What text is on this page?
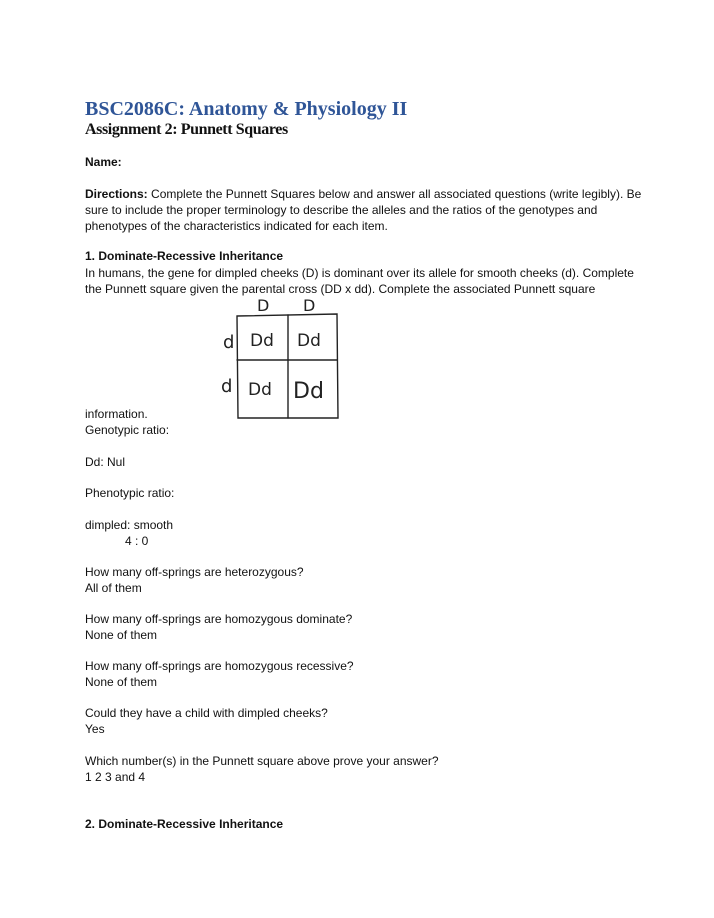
BSC2086C: Anatomy & Physiology II
Assignment 2: Punnett Squares

Name:

Directions: Complete the Punnett Squares below and answer all associated questions (write legibly). Be sure to include the proper terminology to describe the alleles and the ratios of the genotypes and phenotypes of the characteristics indicated for each item.

1. Dominate-Recessive Inheritance

In humans, the gene for dimpled cheeks (D) is dominant over its allele for smooth cheeks (d). Complete the Punnett square given the parental cross (DD x dd). Complete the associated Punnett square

D D
d
d
Dd Dd
Dd Dd

information.

Genotypic ratio:

Dd: Nul

Phenotypic ratio:

dimpled: smooth

4 : 0

How many off-springs are heterozygous?

All of them

How many off-springs are homozygous dominate?

None of them

How many off-springs are homozygous recessive?

None of them

Could they have a child with dimpled cheeks?

Yes

Which number(s) in the Punnett square above prove your answer?

1 2 3 and 4

2. Dominate-Recessive Inheritance
